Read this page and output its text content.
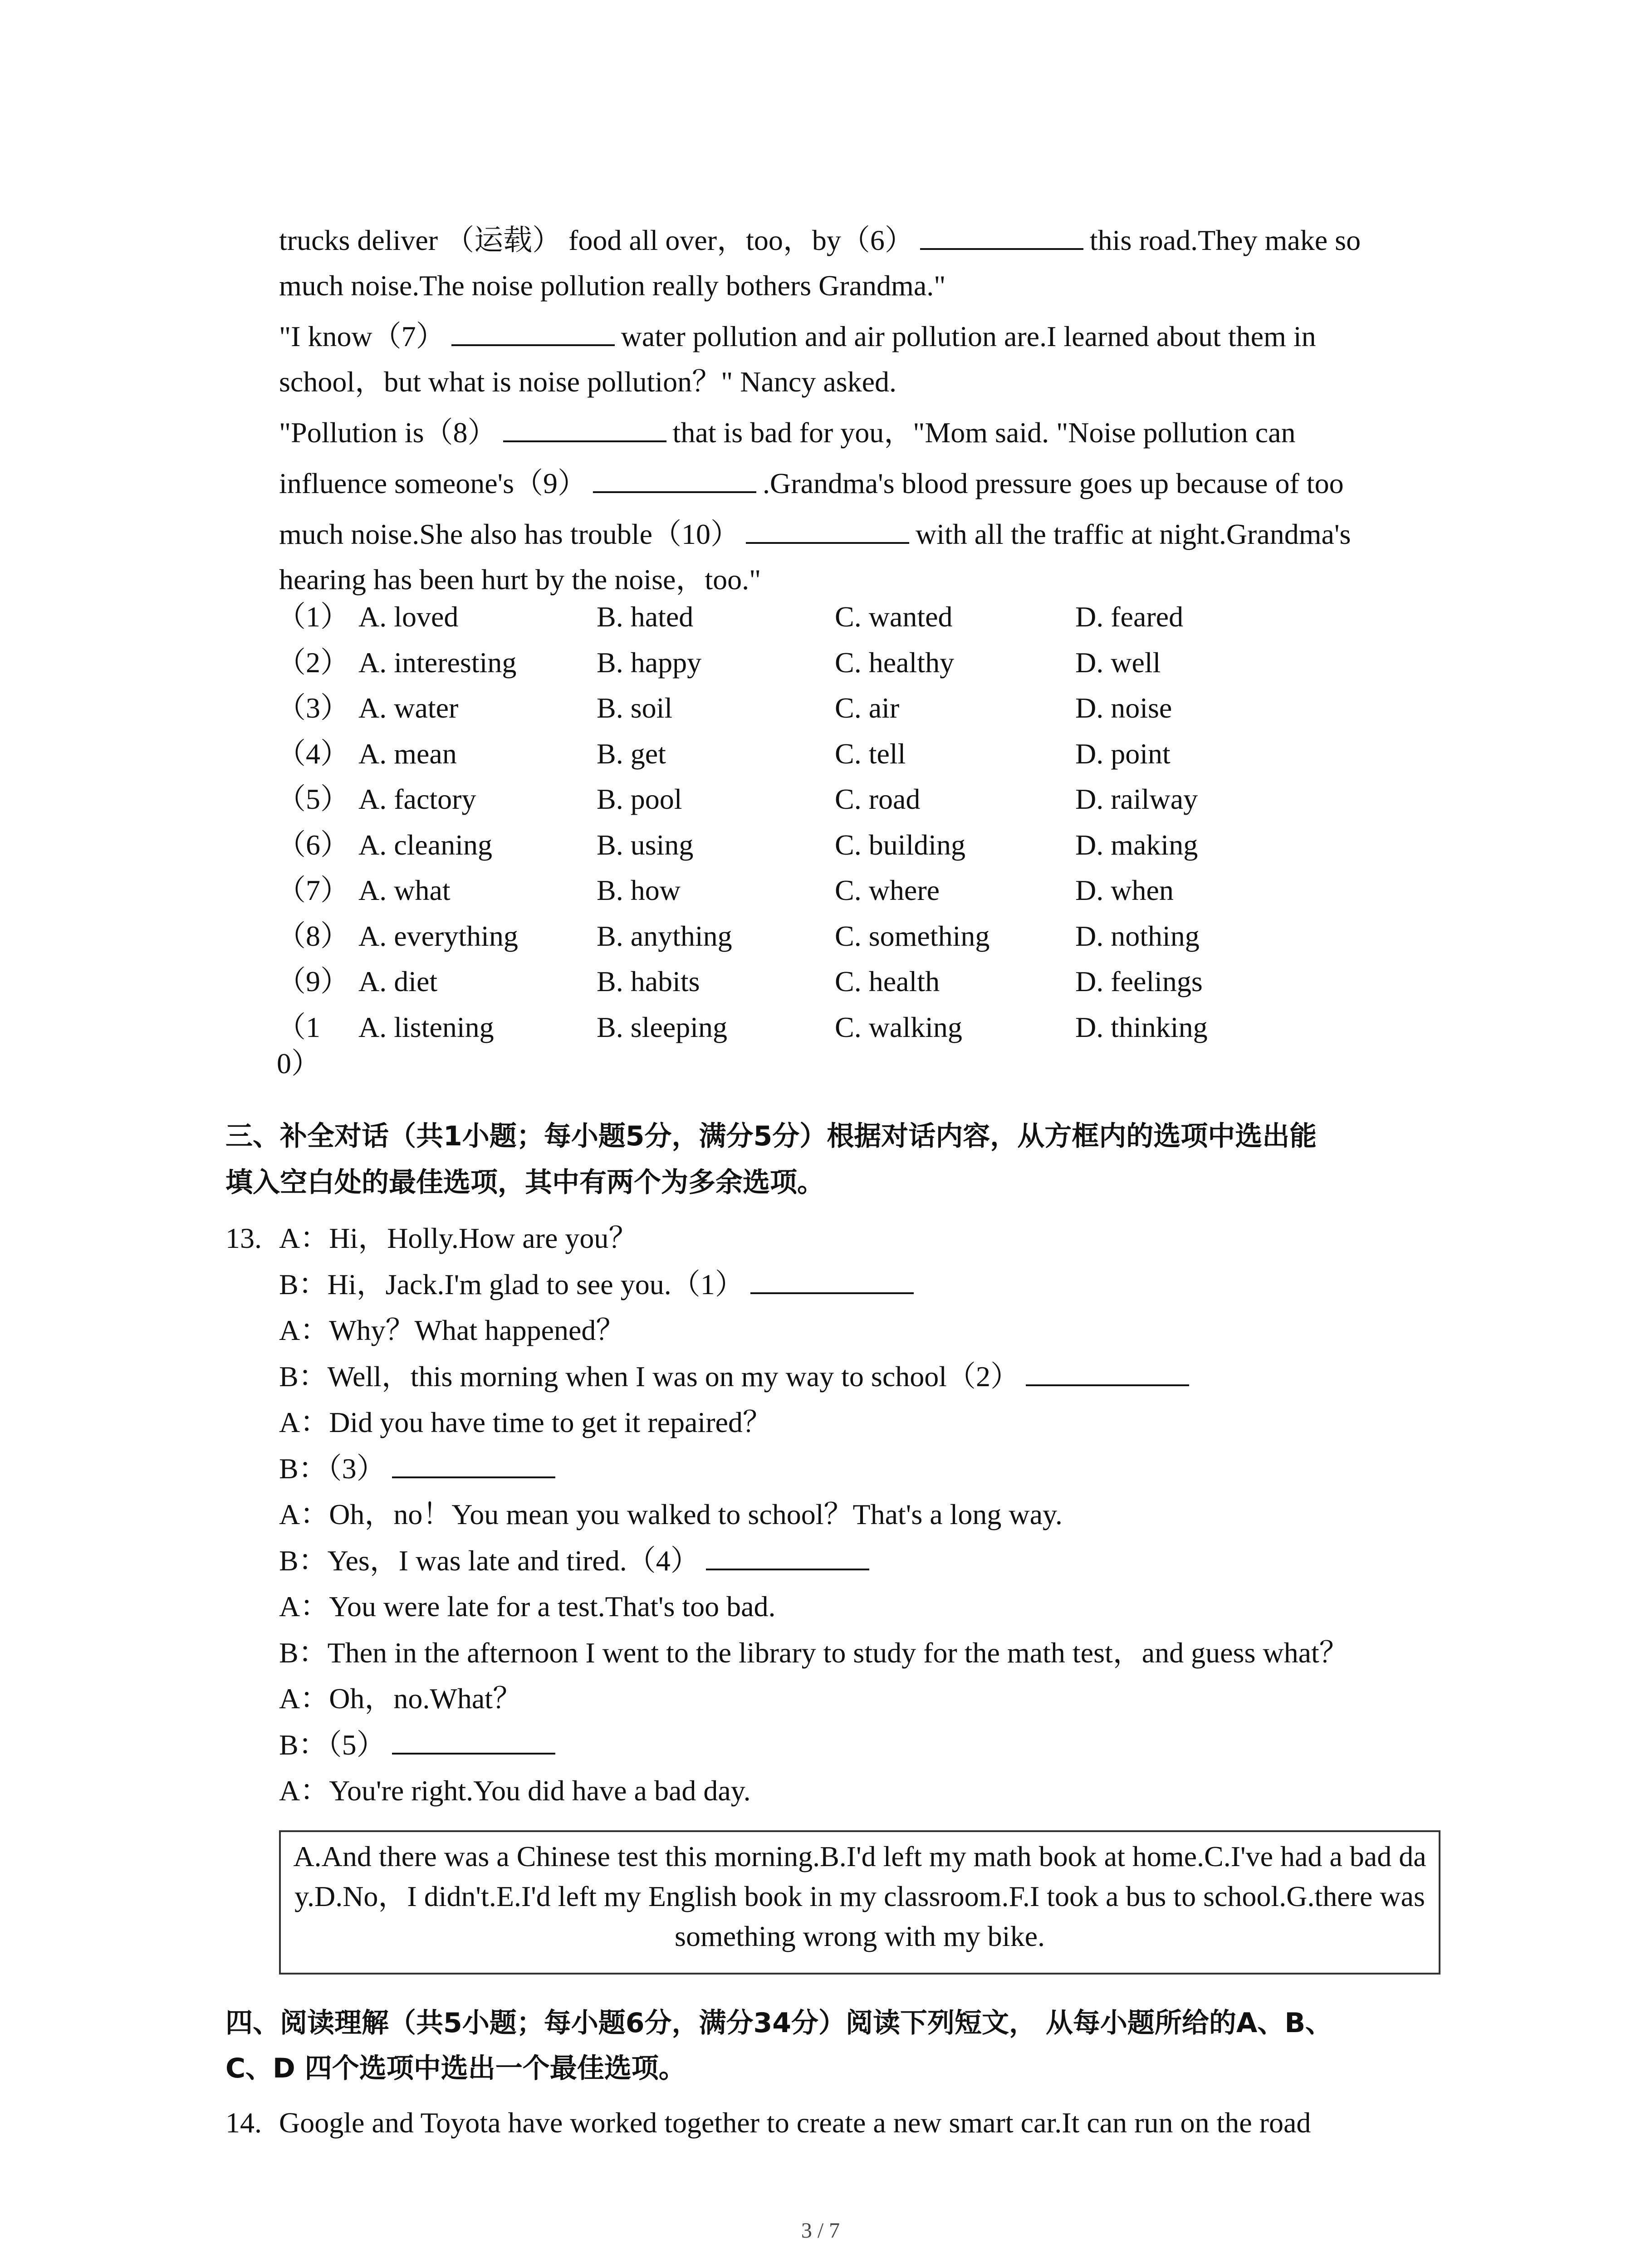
trucks deliver （运载） food all over，too，by（6）	this road.They make so
much noise.The noise pollution really bothers Grandma."
"I know（7）	water pollution and air pollution are.I learned about them in
school，but what is noise pollution？" Nancy asked.
"Pollution is（8）	that is bad for you，"Mom said. "Noise pollution can
influence someone's（9）	.Grandma's blood pressure goes up because of too
much noise.She also has trouble（10）	with all the traffic at night.Grandma's
hearing has been hurt by the noise，too."
（1） A. loved	B. hated	C. wanted	D. feared
（2） A. interesting	B. happy	C. healthy	D. well
（3） A. water	B. soil	C. air	D. noise
（4） A. mean	B. get	C. tell	D. point
（5） A. factory	B. pool	C. road	D. railway
（6） A. cleaning	B. using	C. building	D. making
（7） A. what	B. how	C. where	D. when
（8） A. everything	B. anything	C. something	D. nothing
（9） A. diet	B. habits	C. health	D. feelings
（1 A. listening	B. sleeping	C. walking	D. thinking
0）
三、补全对话（共1小题；每小题5分，满分5分）根据对话内容，从方框内的选项中选出能
填入空白处的最佳选项，其中有两个为多余选项。
13. A：Hi，Holly.How are you？
B：Hi，Jack.I'm glad to see you.（1）
A：Why？What happened？
B：Well，this morning when I was on my way to school（2）
A：Did you have time to get it repaired？
B：（3）
A：Oh，no！You mean you walked to school？That's a long way.
B：Yes，I was late and tired.（4）
A：You were late for a test.That's too bad.
B：Then in the afternoon I went to the library to study for the math test，and guess what？
A：Oh，no.What？
B：（5）
A：You're right.You did have a bad day.
A.And there was a Chinese test this morning.B.I'd left my math book at home.C.I've had a bad day.D.No，I didn't.E.I'd left my English book in my classroom.F.I took a bus to school.G.there was something wrong with my bike.
四、阅读理解（共5小题；每小题6分，满分34分）阅读下列短文， 从每小题所给的A、B、
C、D 四个选项中选出一个最佳选项。
14. Google and Toyota have worked together to create a new smart car.It can run on the road
3 / 7
